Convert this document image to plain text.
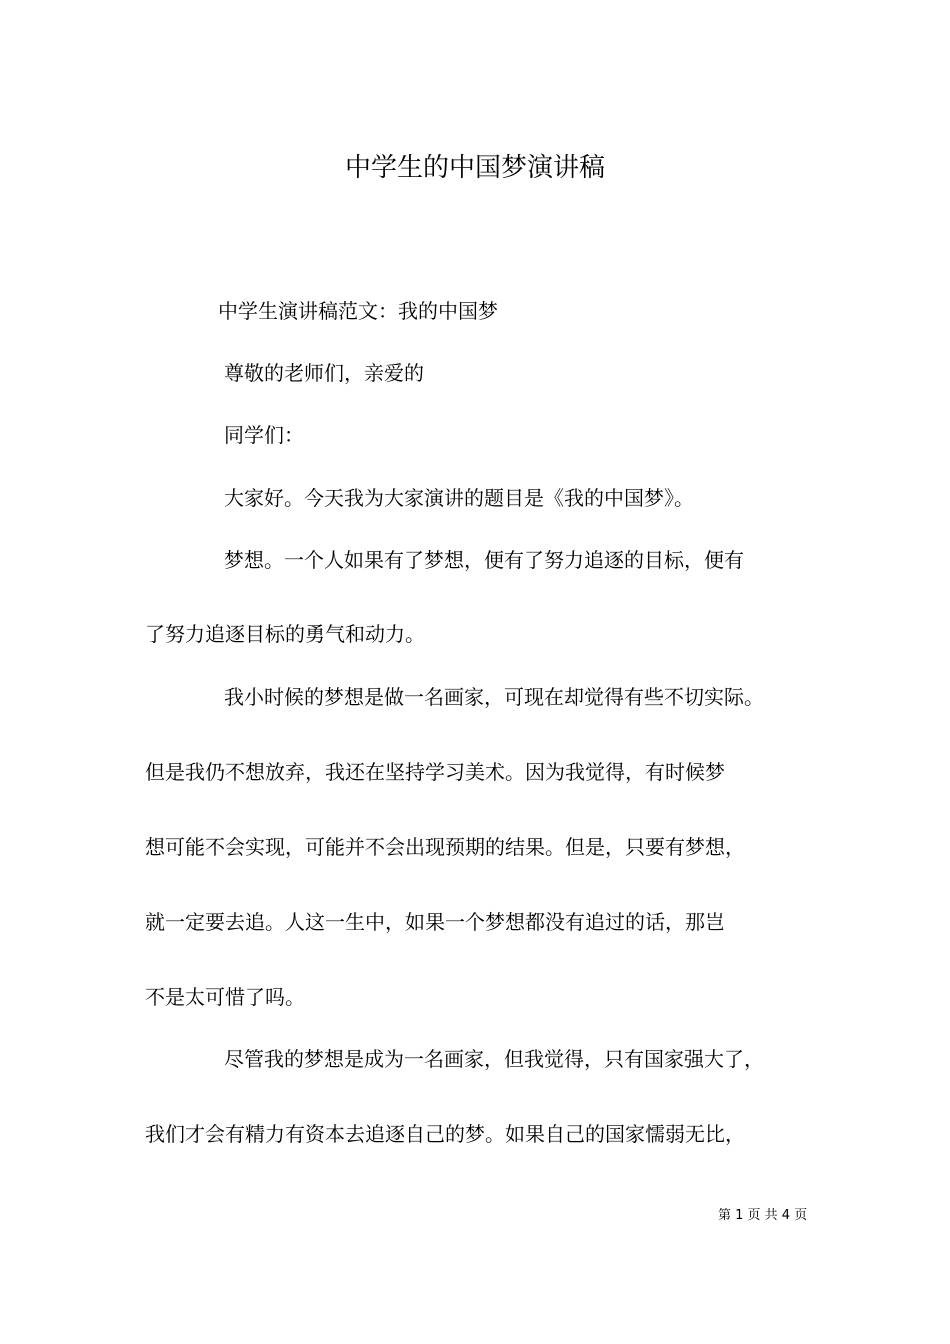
中学生的中国梦演讲稿
中学生演讲稿范文：我的中国梦
尊敬的老师们，亲爱的
同学们：
大家好。今天我为大家演讲的题目是《我的中国梦》。
梦想。一个人如果有了梦想，便有了努力追逐的目标，便有
了努力追逐目标的勇气和动力。
我小时候的梦想是做一名画家，可现在却觉得有些不切实际。
但是我仍不想放弃，我还在坚持学习美术。因为我觉得，有时候梦
想可能不会实现，可能并不会出现预期的结果。但是，只要有梦想，
就一定要去追。人这一生中，如果一个梦想都没有追过的话，那岂
不是太可惜了吗。
尽管我的梦想是成为一名画家，但我觉得，只有国家强大了，
我们才会有精力有资本去追逐自己的梦。如果自己的国家懦弱无比，
第 1 页 共 4 页
